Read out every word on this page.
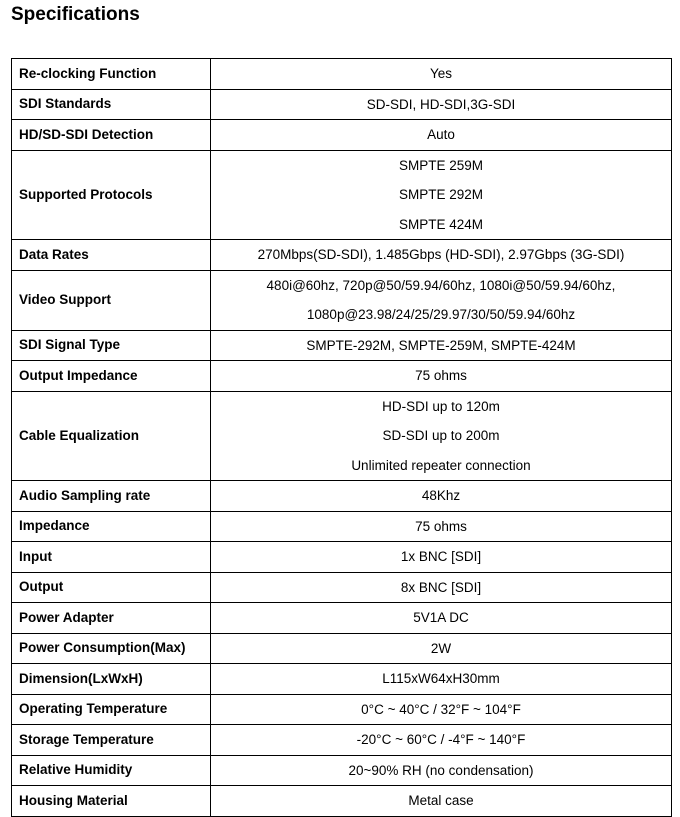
Specifications
Re-clocking Function	Yes

SDI Standards	SD-SDI, HD-SDI,3G-SDI

HD/SD-SDI Detection	Auto

Supported Protocols	SMPTE 259M
SMPTE 292M
SMPTE 424M

Data Rates	270Mbps(SD-SDI), 1.485Gbps (HD-SDI), 2.97Gbps (3G-SDI)

Video Support	480i@60hz, 720p@50/59.94/60hz, 1080i@50/59.94/60hz,
1080p@23.98/24/25/29.97/30/50/59.94/60hz

SDI Signal Type	SMPTE-292M, SMPTE-259M, SMPTE-424M

Output Impedance	75 ohms

Cable Equalization	HD-SDI up to 120m
SD-SDI up to 200m
Unlimited repeater connection

Audio Sampling rate	48Khz

Impedance	75 ohms

Input	1x BNC [SDI]

Output	8x BNC [SDI]

Power Adapter	5V1A DC

Power Consumption(Max)	2W

Dimension(LxWxH)	L115xW64xH30mm

Operating Temperature	0°C ~ 40°C / 32°F ~ 104°F

Storage Temperature	-20°C ~ 60°C / -4°F ~ 140°F

Relative Humidity	20~90% RH (no condensation)

Housing Material	Metal case
